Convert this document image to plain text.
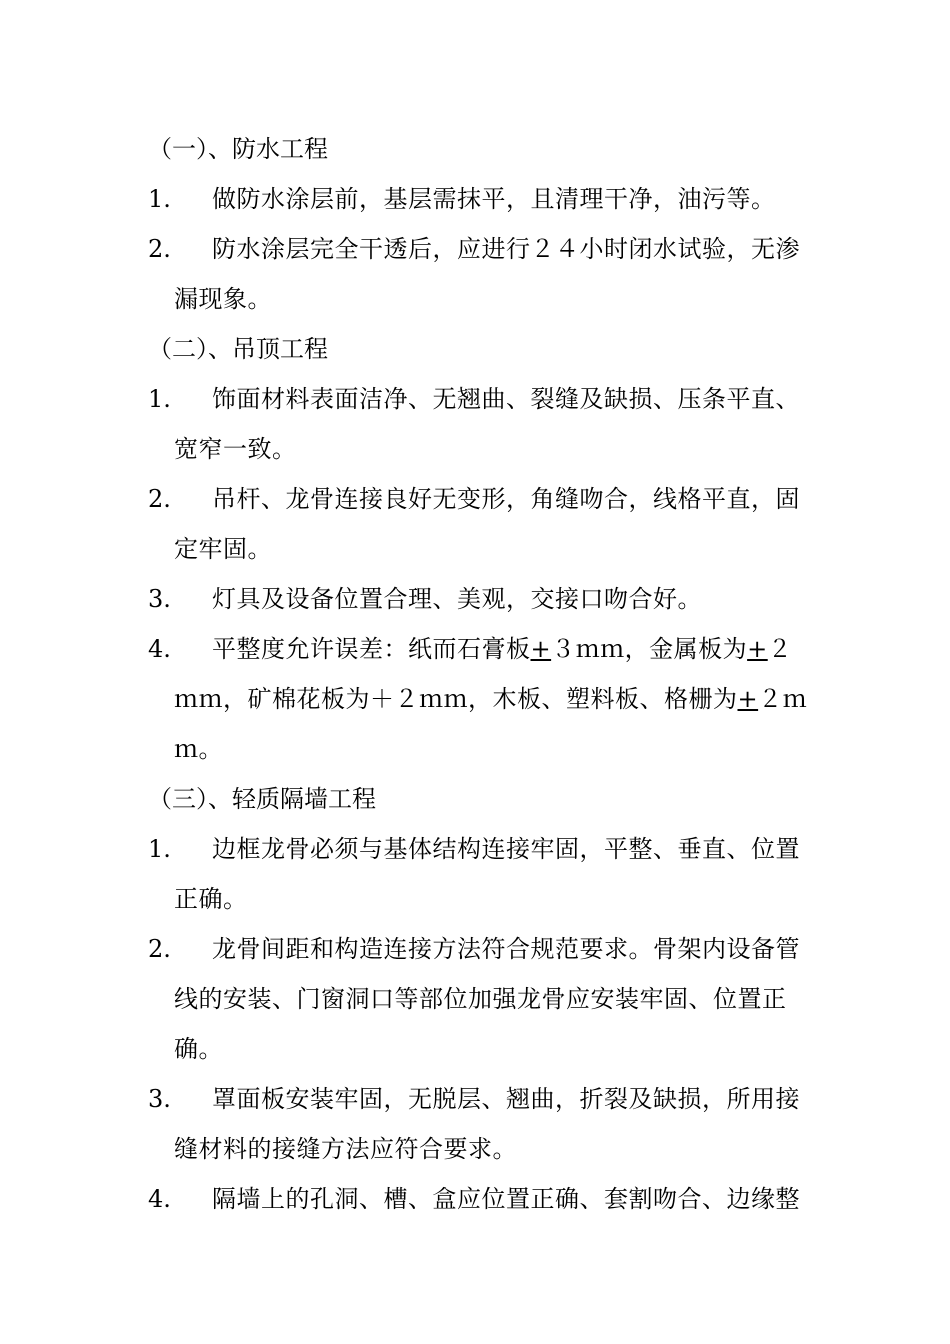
（一）、防水工程
1.	做防水涂层前，基层需抹平，且清理干净，油污等。
2.	防水涂层完全干透后，应进行２４小时闭水试验，无渗漏现象。
（二）、吊顶工程
1.	饰面材料表面洁净、无翘曲、裂缝及缺损、压条平直、宽窄一致。
2.	吊杆、龙骨连接良好无变形，角缝吻合，线格平直，固定牢固。
3.	灯具及设备位置合理、美观，交接口吻合好。
4.	平整度允许误差：纸而石膏板+３ｍｍ，金属板为+２ｍｍ，矿棉花板为＋２ｍｍ，木板、塑料板、格栅为+２ｍｍ。
（三）、轻质隔墙工程
1.	边框龙骨必须与基体结构连接牢固，平整、垂直、位置正确。
2.	龙骨间距和构造连接方法符合规范要求。骨架内设备管线的安装、门窗洞口等部位加强龙骨应安装牢固、位置正确。
3.	罩面板安装牢固，无脱层、翘曲，折裂及缺损，所用接缝材料的接缝方法应符合要求。
4.	隔墙上的孔洞、槽、盒应位置正确、套割吻合、边缘整
